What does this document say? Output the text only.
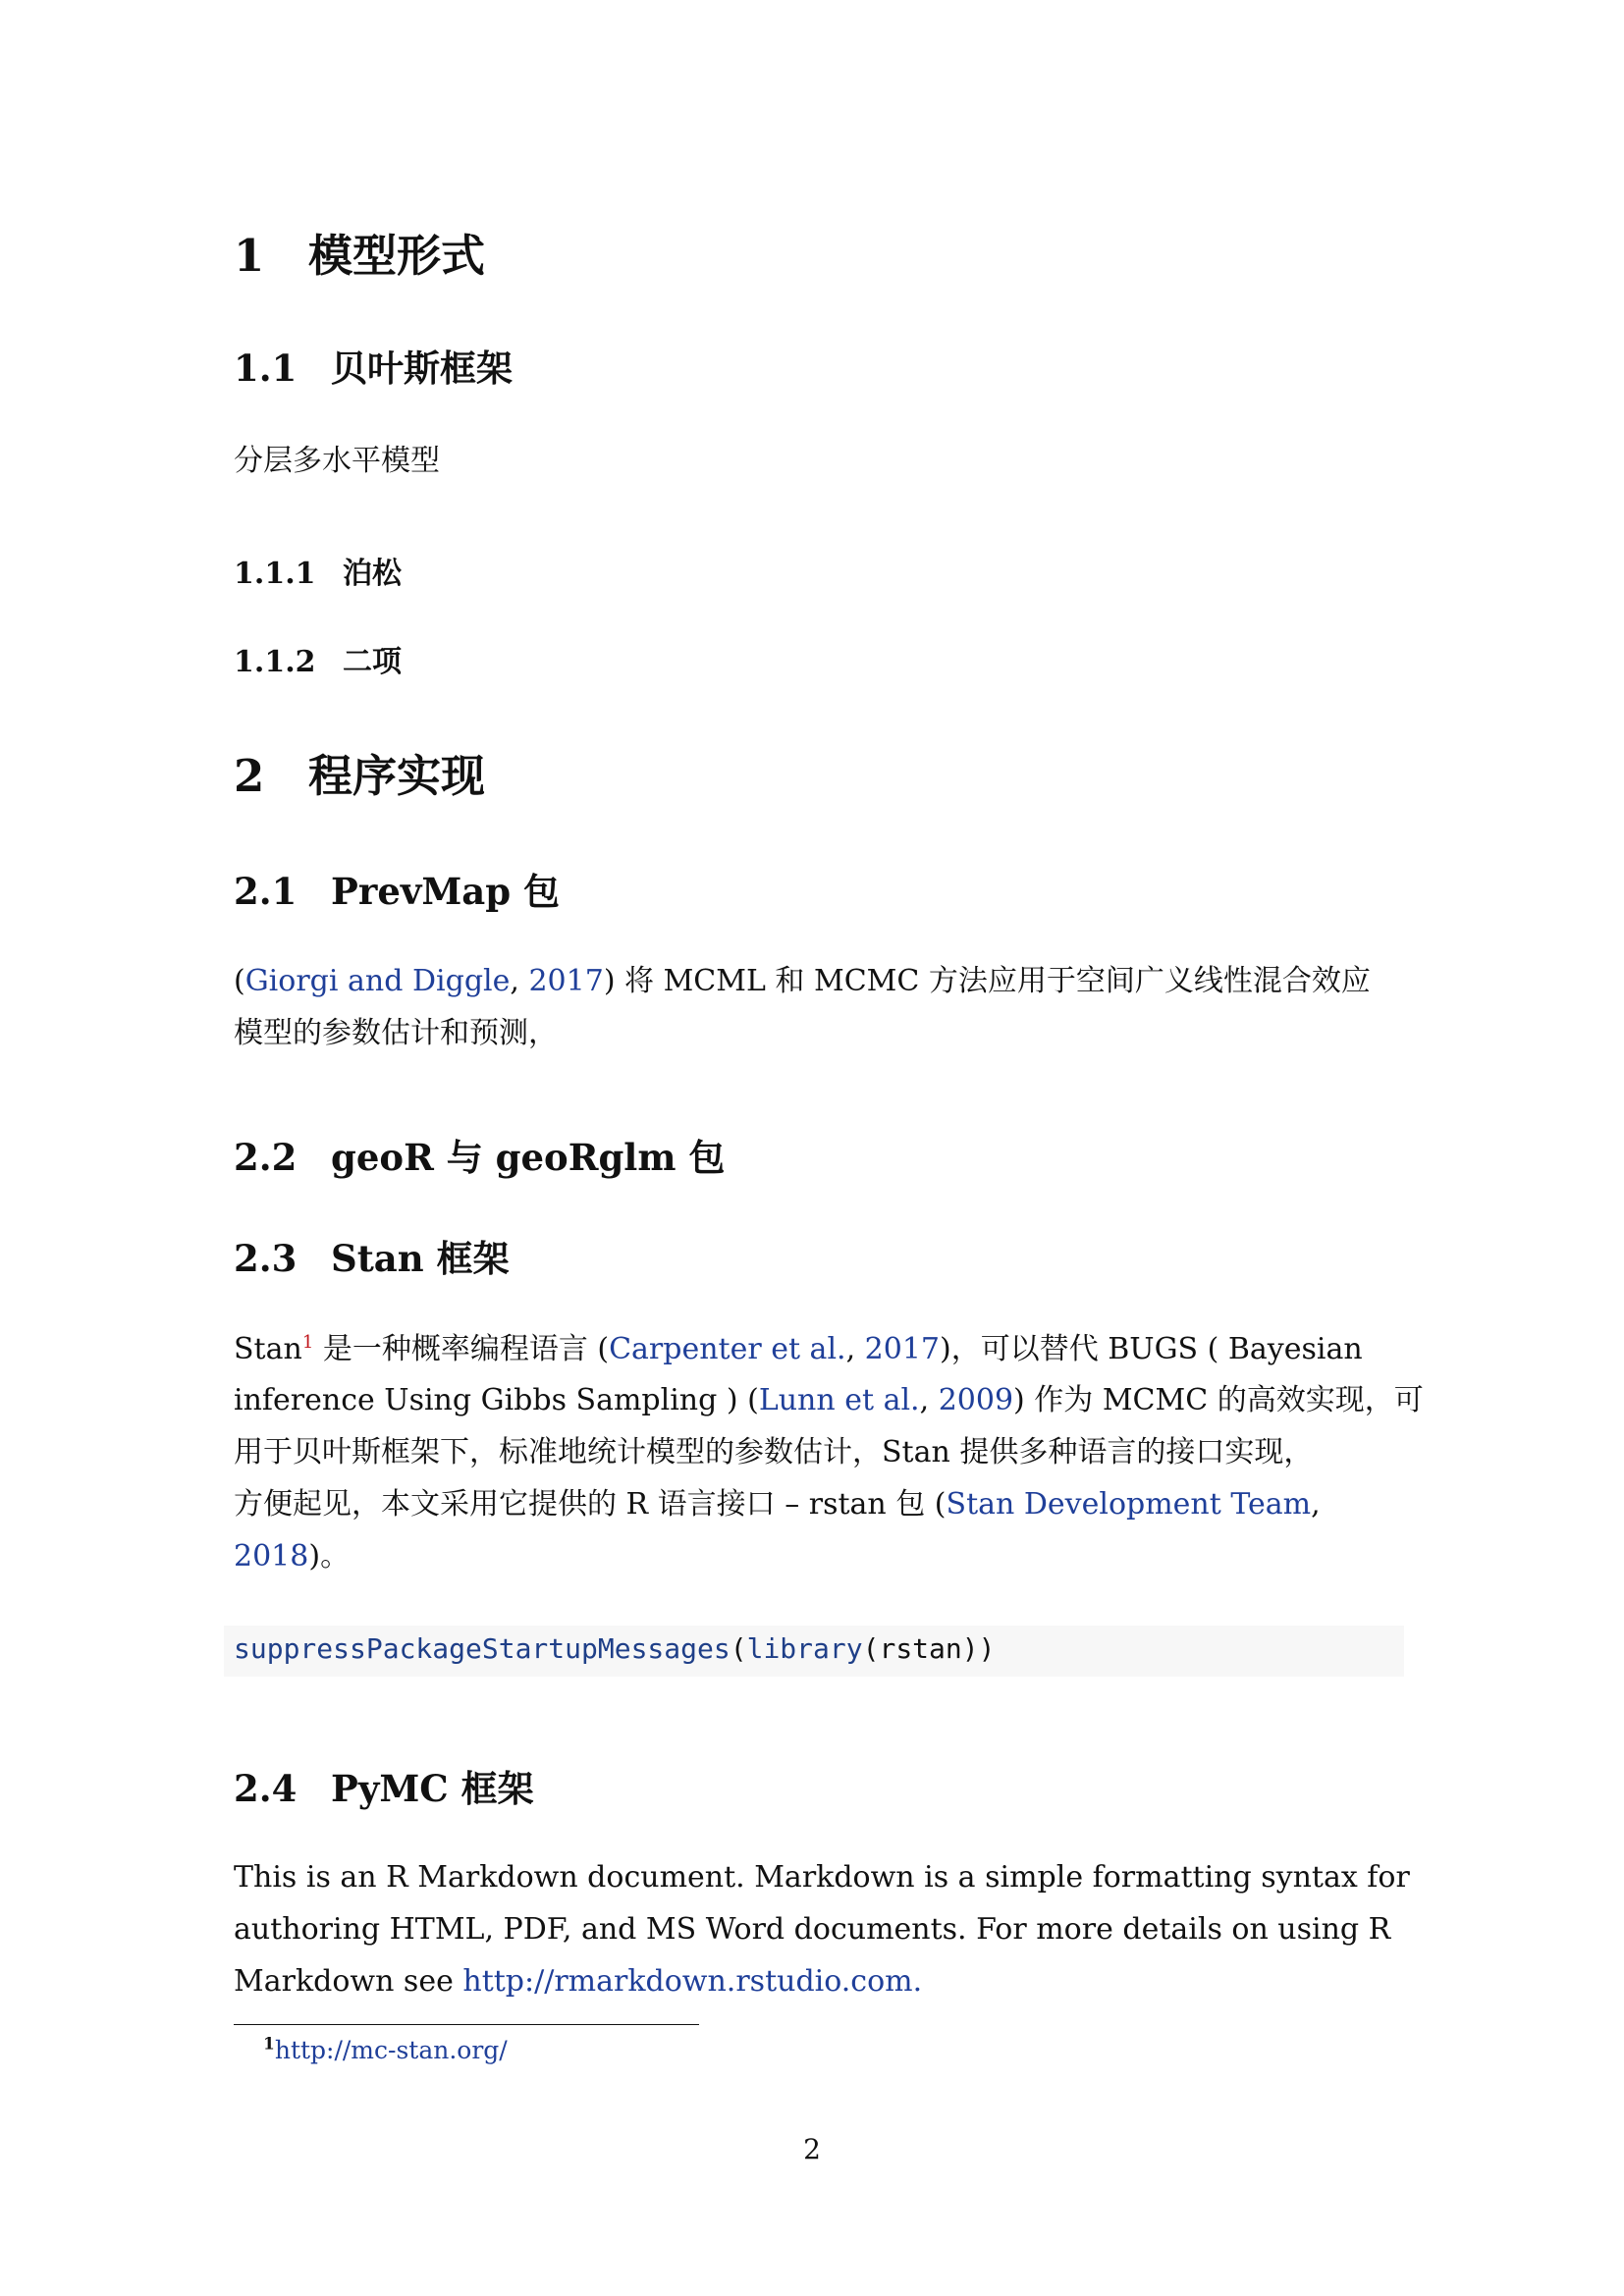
1 模型形式
1.1 贝叶斯框架
分层多水平模型
1.1.1 泊松
1.1.2 二项
2 程序实现
2.1 PrevMap 包
(Giorgi and Diggle, 2017) 将 MCML 和 MCMC 方法应用于空间广义线性混合效应
模型的参数估计和预测，
2.2 geoR 与 geoRglm 包
2.3 Stan 框架
Stan$^1$ 是一种概率编程语言 (Carpenter et al., 2017)，可以替代 BUGS ( Bayesian
inference Using Gibbs Sampling ) (Lunn et al., 2009) 作为 MCMC 的高效实现，可
用于贝叶斯框架下，标准地统计模型的参数估计，Stan 提供多种语言的接口实现，
方便起见，本文采用它提供的 R 语言接口 – rstan 包 (Stan Development Team,
2018)。
suppressPackageStartupMessages(library(rstan))
2.4 PyMC 框架
This is an R Markdown document. Markdown is a simple formatting syntax for
authoring HTML, PDF, and MS Word documents. For more details on using R
Markdown see http://rmarkdown.rstudio.com.
$^1$http://mc-stan.org/
2
